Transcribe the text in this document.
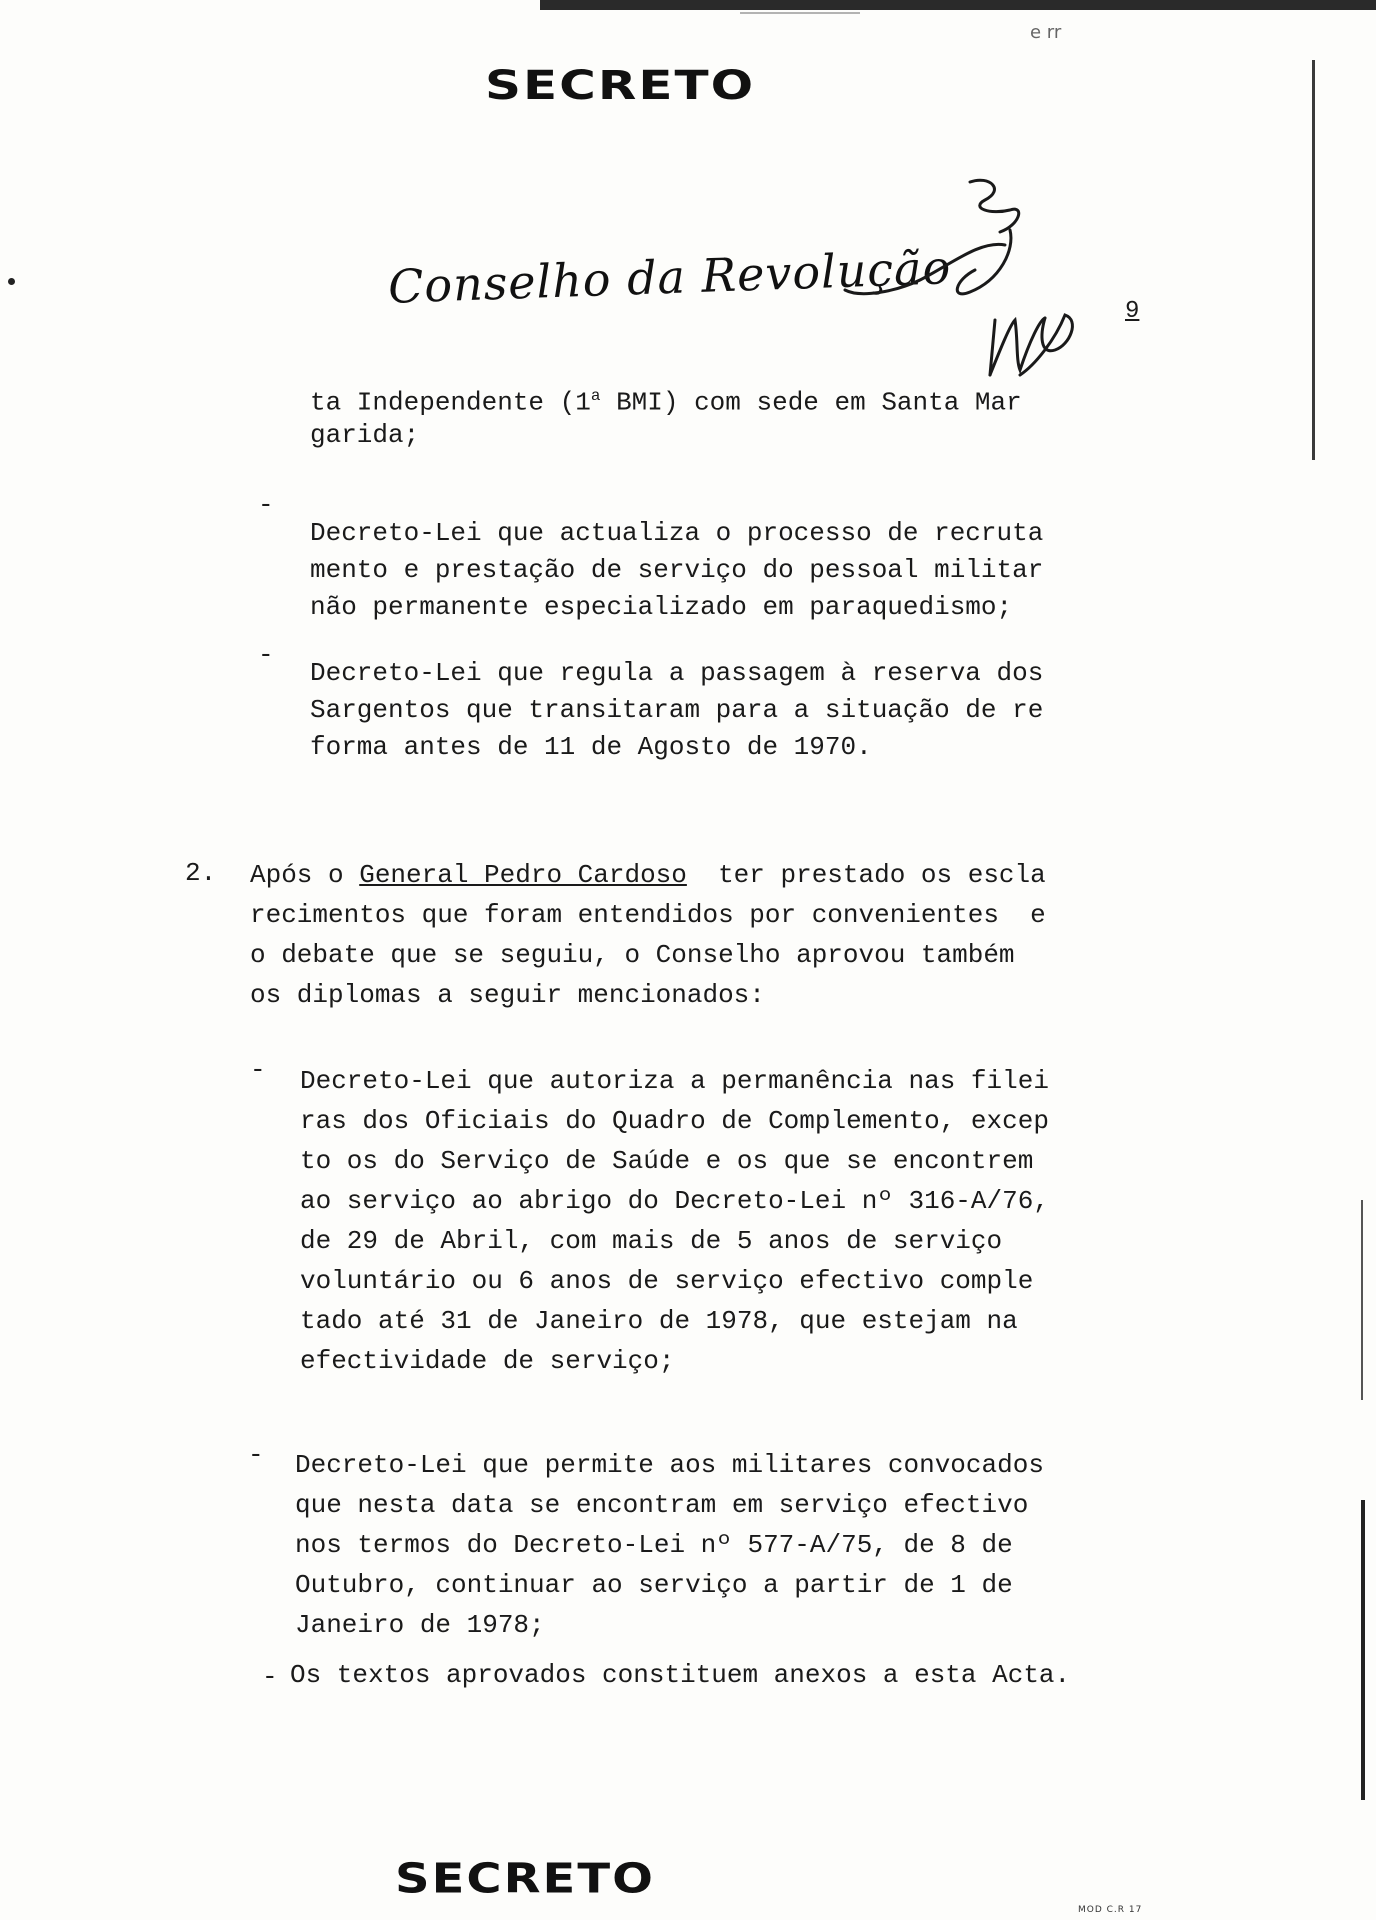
e rr
SECRETO
Conselho da Revolução	9
ta Independente (1$^a$ BMI) com sede em Santa Mar
garida;
-
Decreto-Lei que actualiza o processo de recruta
mento e prestação de serviço do pessoal militar
não permanente especializado em paraquedismo;
-
Decreto-Lei que regula a passagem à reserva dos
Sargentos que transitaram para a situação de re
forma antes de 11 de Agosto de 1970.
2. Após o General Pedro Cardoso  ter prestado os escla
recimentos que foram entendidos por convenientes  e
o debate que se seguiu, o Conselho aprovou também
os diplomas a seguir mencionados:
- Decreto-Lei que autoriza a permanência nas filei
ras dos Oficiais do Quadro de Complemento, excep
to os do Serviço de Saúde e os que se encontrem
ao serviço ao abrigo do Decreto-Lei nº 316-A/76,
de 29 de Abril, com mais de 5 anos de serviço
voluntário ou 6 anos de serviço efectivo comple
tado até 31 de Janeiro de 1978, que estejam na
efectividade de serviço;
- Decreto-Lei que permite aos militares convocados
que nesta data se encontram em serviço efectivo
nos termos do Decreto-Lei nº 577-A/75, de 8 de
Outubro, continuar ao serviço a partir de 1 de
Janeiro de 1978;
- Os textos aprovados constituem anexos a esta Acta.
SECRETO
MOD C.R 17
